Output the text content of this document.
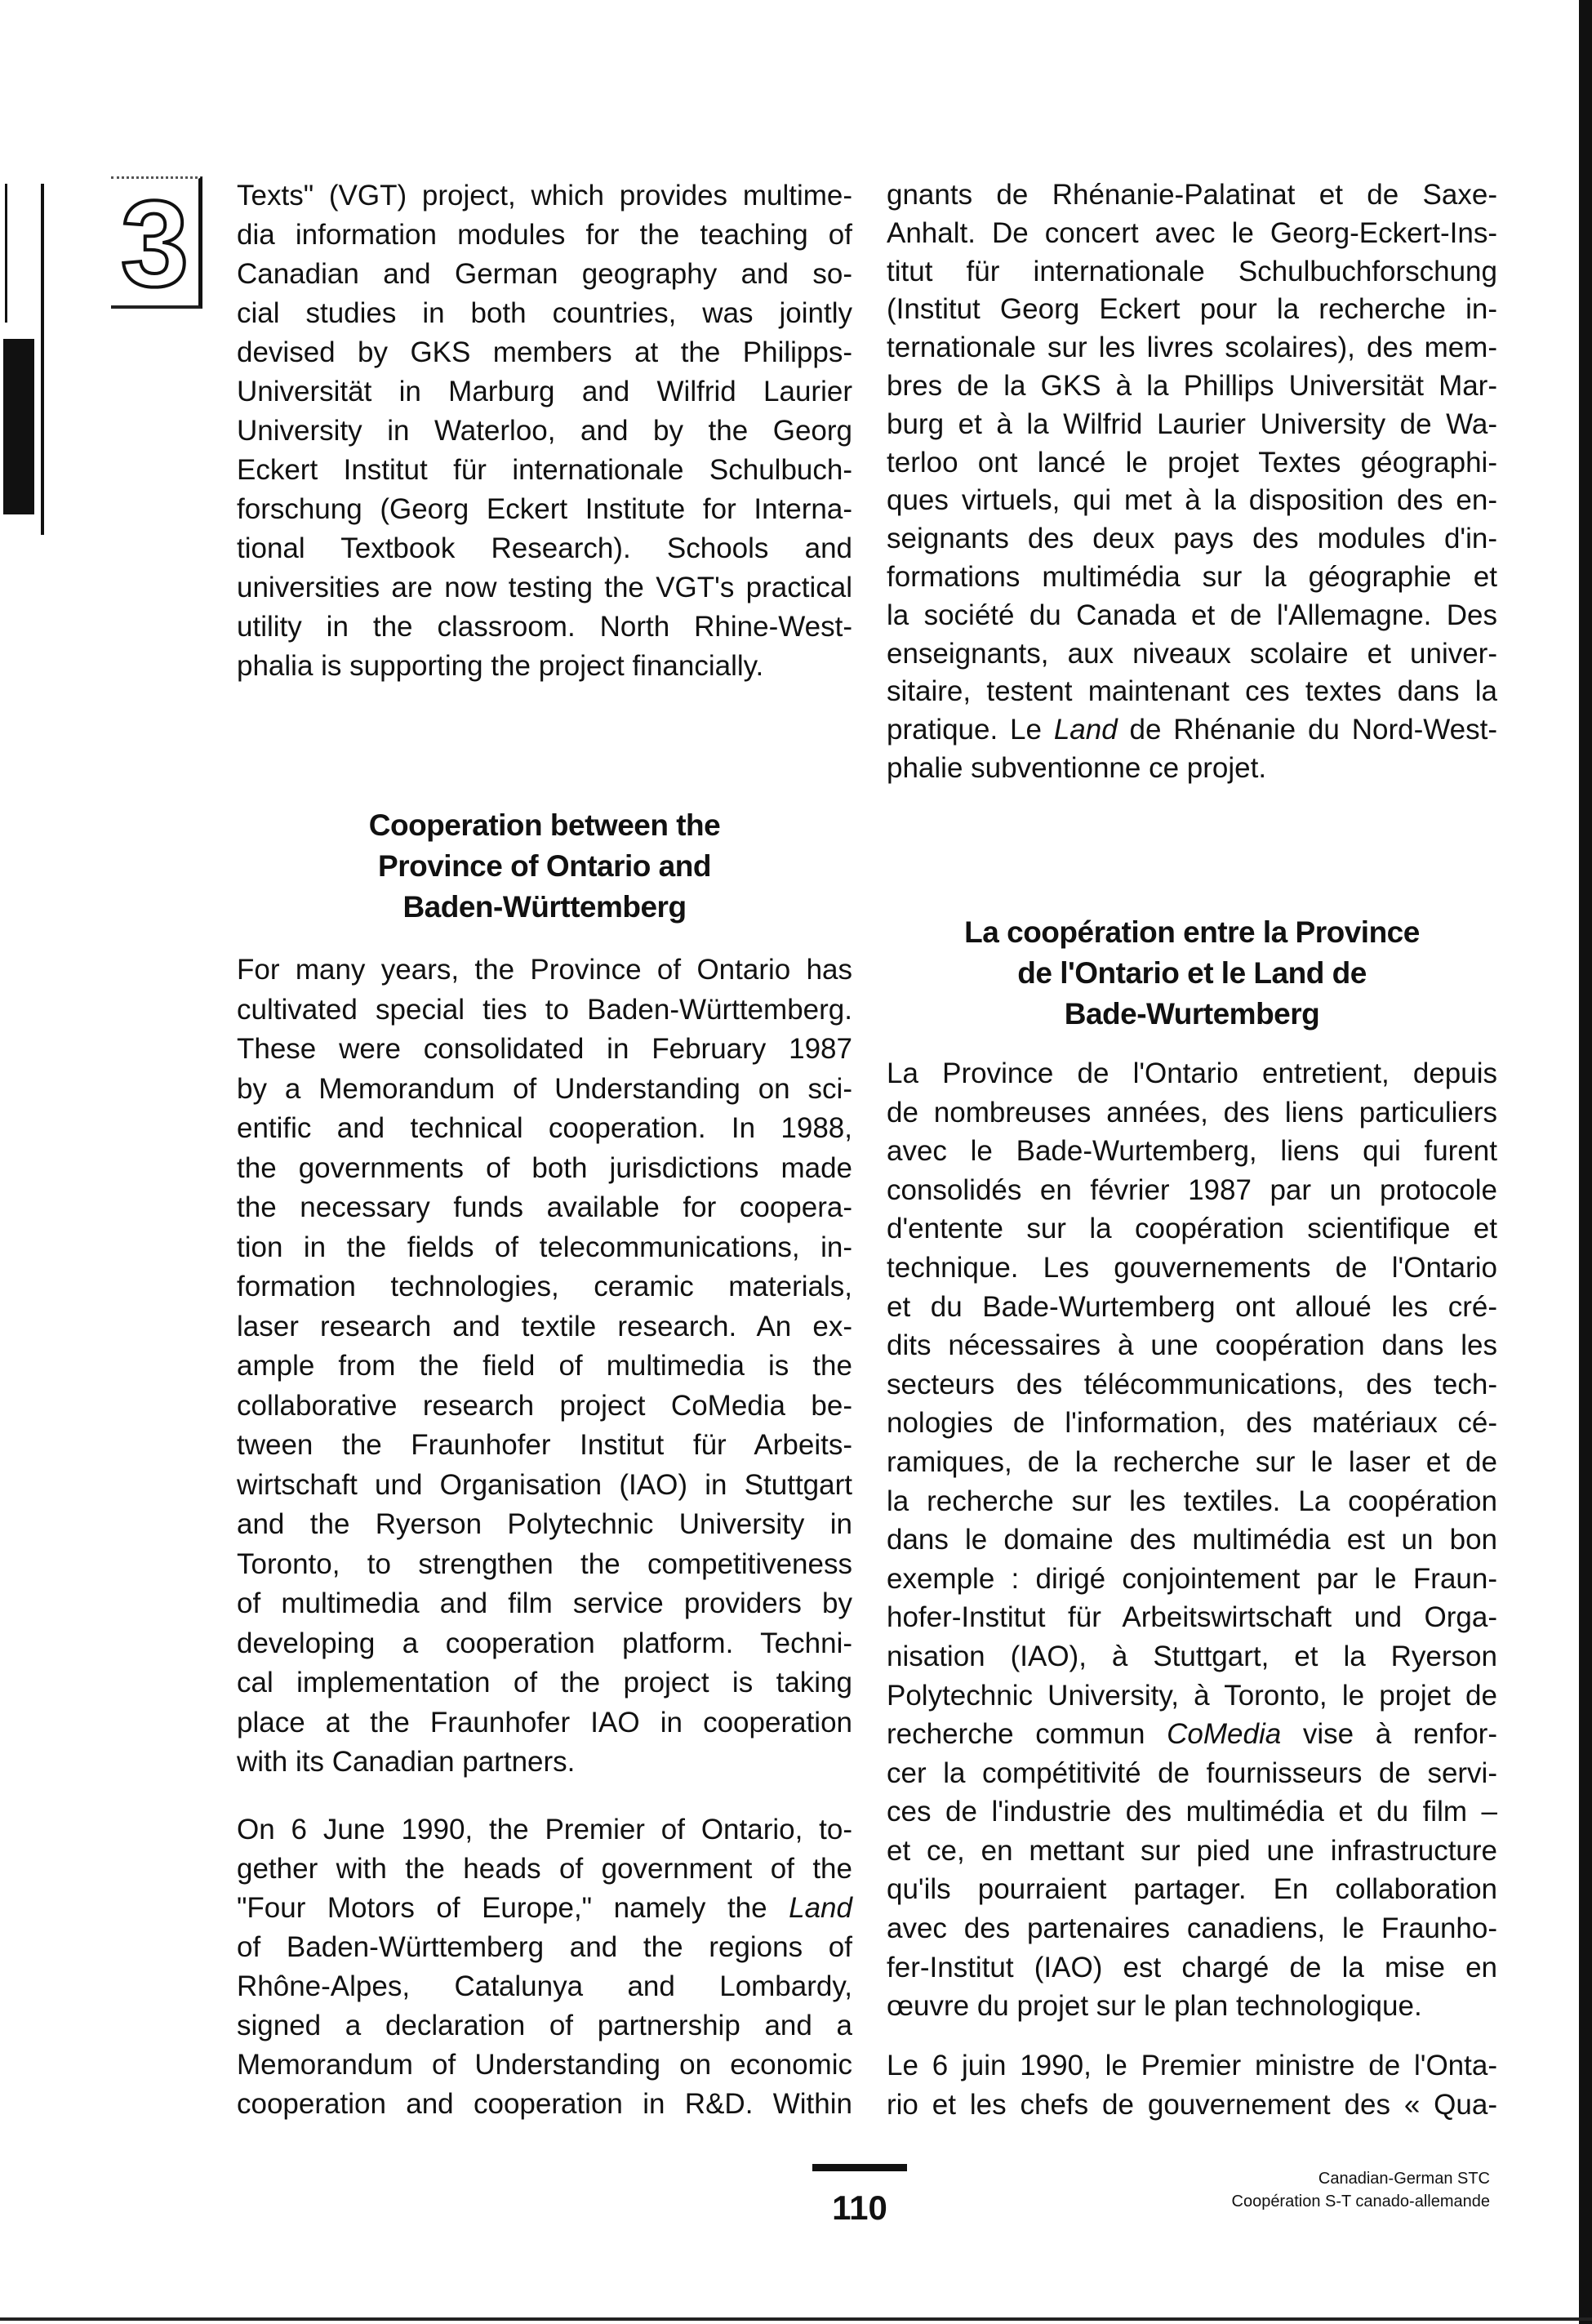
3	Texts" (VGT) project, which provides multime-
dia information modules for the teaching of
Canadian and German geography and so-
cial studies in both countries, was jointly
devised by GKS members at the Philipps-
Universität in Marburg and Wilfrid Laurier
University in Waterloo, and by the Georg
Eckert Institut für internationale Schulbuch-
forschung (Georg Eckert Institute for Interna-
tional Textbook Research). Schools and
universities are now testing the VGT's practical
utility in the classroom. North Rhine-West-
phalia is supporting the project financially.
Cooperation between the
Province of Ontario and
Baden-Württemberg
For many years, the Province of Ontario has
cultivated special ties to Baden-Württemberg.
These were consolidated in February 1987
by a Memorandum of Understanding on sci-
entific and technical cooperation. In 1988,
the governments of both jurisdictions made
the necessary funds available for coopera-
tion in the fields of telecommunications, in-
formation technologies, ceramic materials,
laser research and textile research. An ex-
ample from the field of multimedia is the
collaborative research project CoMedia be-
tween the Fraunhofer Institut für Arbeits-
wirtschaft und Organisation (IAO) in Stuttgart
and the Ryerson Polytechnic University in
Toronto, to strengthen the competitiveness
of multimedia and film service providers by
developing a cooperation platform. Techni-
cal implementation of the project is taking
place at the Fraunhofer IAO in cooperation
with its Canadian partners.
On 6 June 1990, the Premier of Ontario, to-
gether with the heads of government of the
"Four Motors of Europe," namely the Land
of Baden-Württemberg and the regions of
Rhône-Alpes, Catalunya and Lombardy,
signed a declaration of partnership and a
Memorandum of Understanding on economic
cooperation and cooperation in R&D. Within
gnants de Rhénanie-Palatinat et de Saxe-
Anhalt. De concert avec le Georg-Eckert-Ins-
titut für internationale Schulbuchforschung
(Institut Georg Eckert pour la recherche in-
ternationale sur les livres scolaires), des mem-
bres de la GKS à la Phillips Universität Mar-
burg et à la Wilfrid Laurier University de Wa-
terloo ont lancé le projet Textes géographi-
ques virtuels, qui met à la disposition des en-
seignants des deux pays des modules d'in-
formations multimédia sur la géographie et
la société du Canada et de l'Allemagne. Des
enseignants, aux niveaux scolaire et univer-
sitaire, testent maintenant ces textes dans la
pratique. Le Land de Rhénanie du Nord-West-
phalie subventionne ce projet.
La coopération entre la Province
de l'Ontario et le Land de
Bade-Wurtemberg
La Province de l'Ontario entretient, depuis
de nombreuses années, des liens particuliers
avec le Bade-Wurtemberg, liens qui furent
consolidés en février 1987 par un protocole
d'entente sur la coopération scientifique et
technique. Les gouvernements de l'Ontario
et du Bade-Wurtemberg ont alloué les cré-
dits nécessaires à une coopération dans les
secteurs des télécommunications, des tech-
nologies de l'information, des matériaux cé-
ramiques, de la recherche sur le laser et de
la recherche sur les textiles. La coopération
dans le domaine des multimédia est un bon
exemple : dirigé conjointement par le Fraun-
hofer-Institut für Arbeitswirtschaft und Orga-
nisation (IAO), à Stuttgart, et la Ryerson
Polytechnic University, à Toronto, le projet de
recherche commun CoMedia vise à renfor-
cer la compétitivité de fournisseurs de servi-
ces de l'industrie des multimédia et du film –
et ce, en mettant sur pied une infrastructure
qu'ils pourraient partager. En collaboration
avec des partenaires canadiens, le Fraunho-
fer-Institut (IAO) est chargé de la mise en
œuvre du projet sur le plan technologique.
Le 6 juin 1990, le Premier ministre de l'Onta-
rio et les chefs de gouvernement des « Qua-
110
Canadian-German STC
Coopération S-T canado-allemande
